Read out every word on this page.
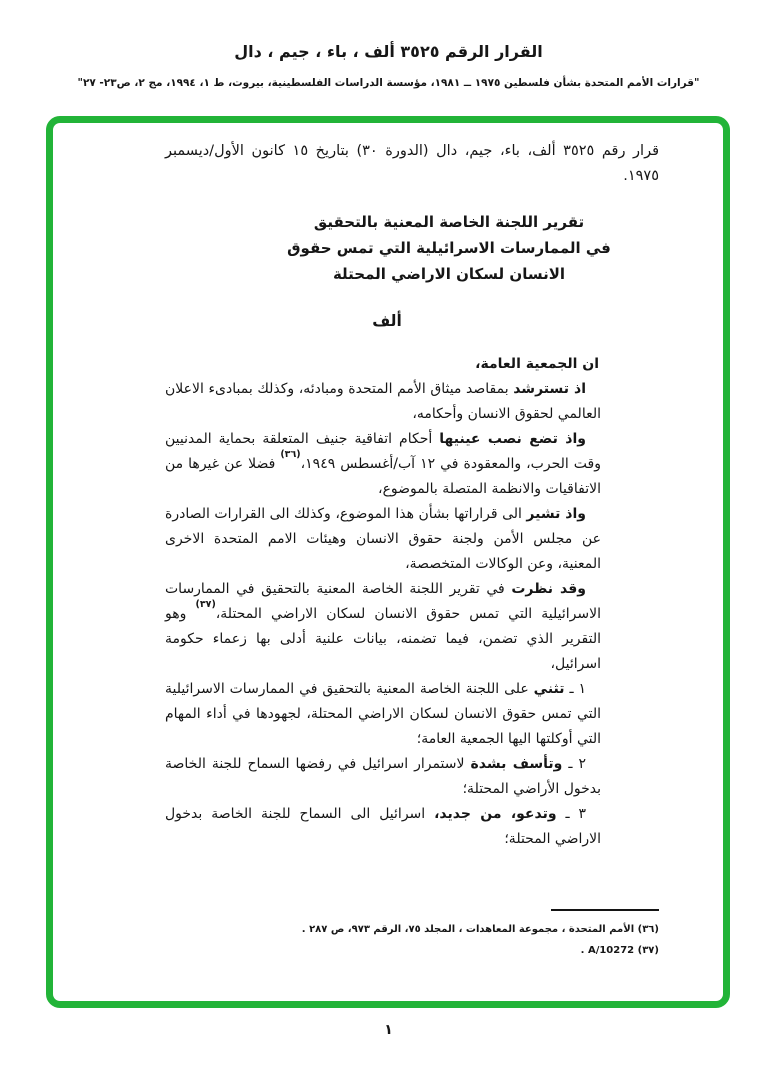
القرار الرقم ٣٥٢٥ ألف ، باء ، جيم ، دال
"قرارات الأمم المتحدة بشأن فلسطين ١٩٧٥ ــ ١٩٨١، مؤسسة الدراسات الفلسطينية، بيروت، ط ١، ١٩٩٤، مج ٢، ص٢٣- ٢٧"

قرار رقم ٣٥٢٥ ألف، باء، جيم، دال (الدورة ٣٠) بتاريخ ١٥ كانون الأول/ديسمبر ١٩٧٥.

تقرير اللجنة الخاصة المعنية بالتحقيق
في الممارسات الاسرائيلية التي تمس حقوق
الانسان لسكان الاراضي المحتلة
ألف

ان الجمعية العامة،

اذ تسترشد بمقاصد ميثاق الأمم المتحدة ومبادئه، وكذلك بمبادىء الاعلان العالمي لحقوق الانسان وأحكامه،

واذ تضع نصب عينيها أحكام اتفاقية جنيف المتعلقة بحماية المدنيين وقت الحرب، والمعقودة في ١٢ آب/أغسطس ١٩٤٩،$^{(٣٦)}$ فضلا عن غيرها من الاتفاقيات والانظمة المتصلة بالموضوع،

واذ تشير الى قراراتها بشأن هذا الموضوع، وكذلك الى القرارات الصادرة عن مجلس الأمن ولجنة حقوق الانسان وهيئات الامم المتحدة الاخرى المعنية، وعن الوكالات المتخصصة،

وقد نظرت في تقرير اللجنة الخاصة المعنية بالتحقيق في الممارسات الاسرائيلية التي تمس حقوق الانسان لسكان الاراضي المحتلة،$^{(٣٧)}$ وهو التقرير الذي تضمن، فيما تضمنه، بيانات علنية أدلى بها زعماء حكومة اسرائيل،

١ ـ تثني على اللجنة الخاصة المعنية بالتحقيق في الممارسات الاسرائيلية التي تمس حقوق الانسان لسكان الاراضي المحتلة، لجهودها في أداء المهام التي أوكلتها اليها الجمعية العامة؛

٢ ـ وتأسف بشدة لاستمرار اسرائيل في رفضها السماح للجنة الخاصة بدخول الأراضي المحتلة؛

٣ ـ وتدعو، من جديد، اسرائيل الى السماح للجنة الخاصة بدخول الاراضي المحتلة؛

(٣٦) الأمم المتحدة ، مجموعة المعاهدات ، المجلد ٧٥، الرقم ٩٧٣، ص ٢٨٧ .
(٣٧) A/10272 .
١
